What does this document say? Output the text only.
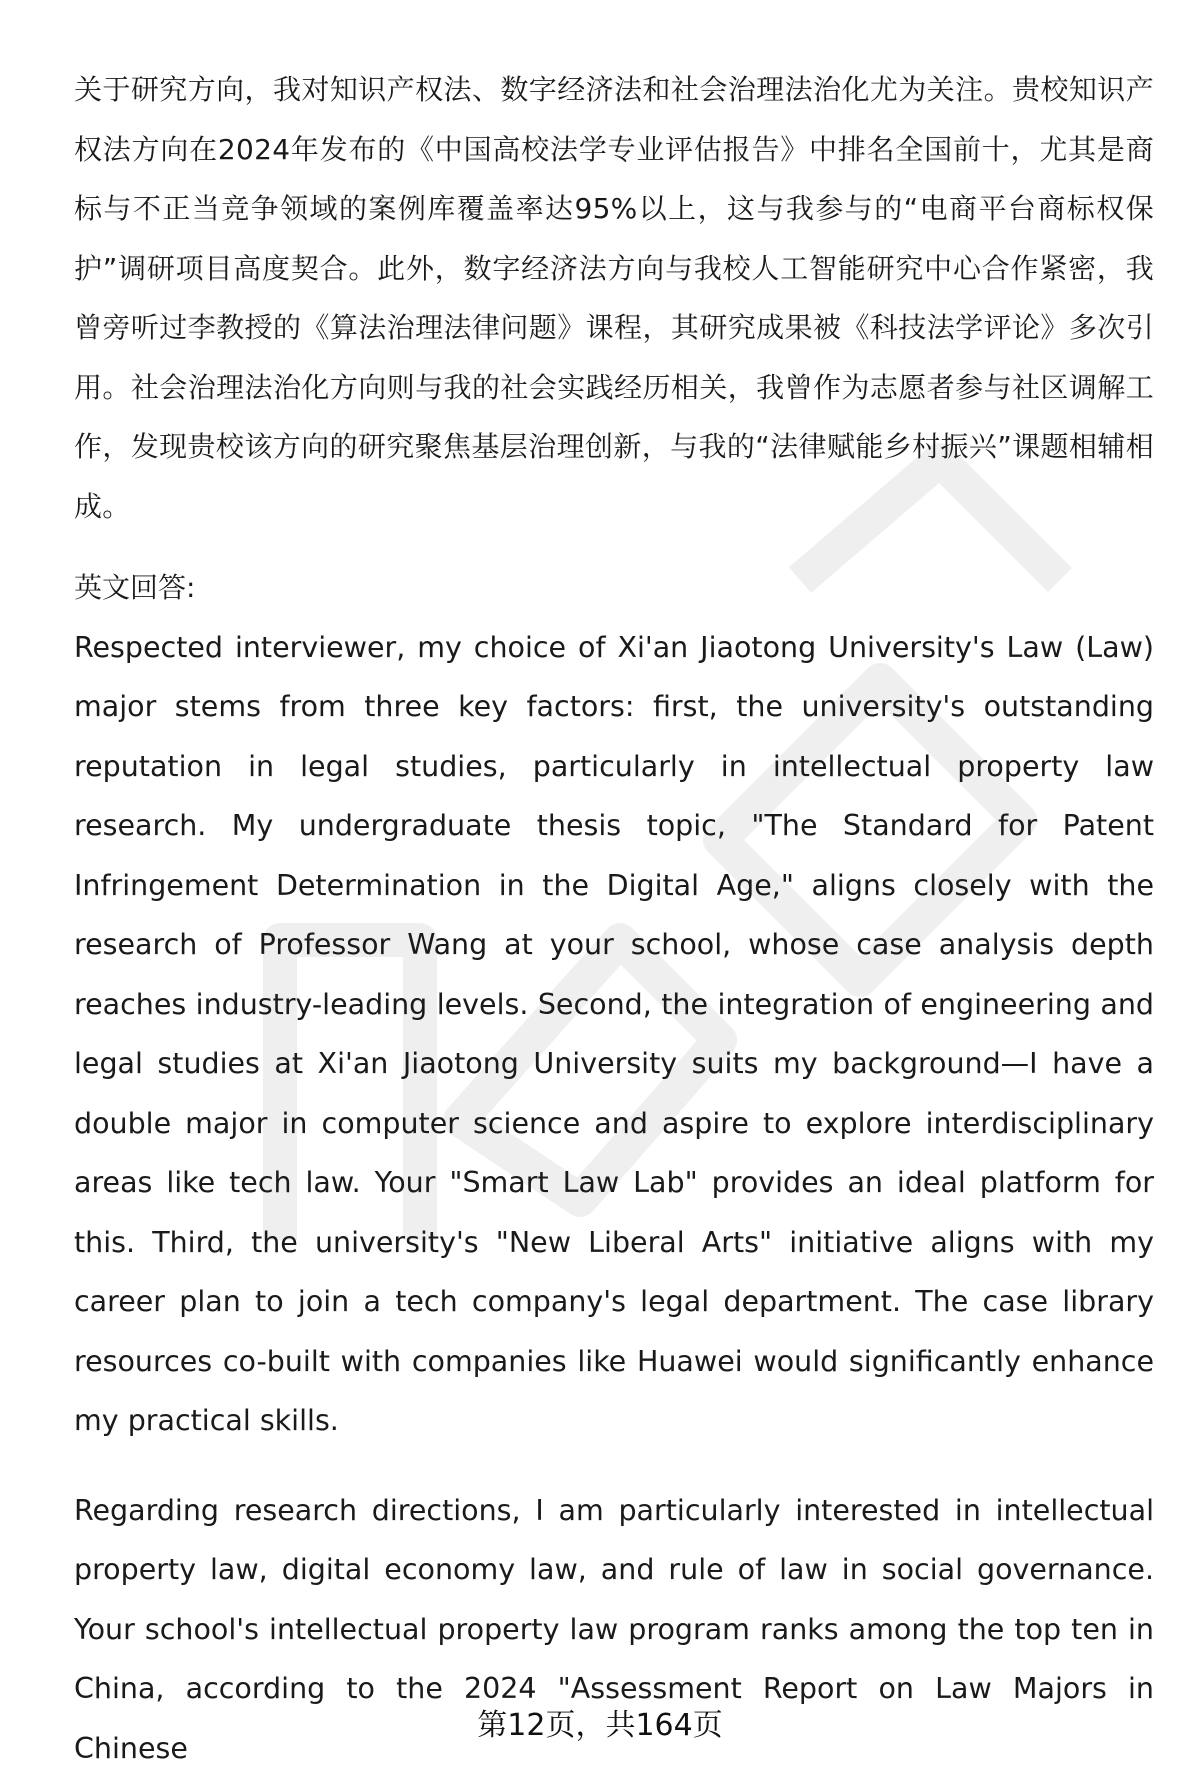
关于研究方向，我对知识产权法、数字经济法和社会治理法治化尤为关注。贵校知识产权法方向在2024年发布的《中国高校法学专业评估报告》中排名全国前十，尤其是商标与不正当竞争领域的案例库覆盖率达95%以上，这与我参与的“电商平台商标权保护”调研项目高度契合。此外，数字经济法方向与我校人工智能研究中心合作紧密，我曾旁听过李教授的《算法治理法律问题》课程，其研究成果被《科技法学评论》多次引用。社会治理法治化方向则与我的社会实践经历相关，我曾作为志愿者参与社区调解工作，发现贵校该方向的研究聚焦基层治理创新，与我的“法律赋能乡村振兴”课题相辅相成。

英文回答:

Respected interviewer, my choice of Xi'an Jiaotong University's Law (Law) major stems from three key factors: first, the university's outstanding reputation in legal studies, particularly in intellectual property law research. My undergraduate thesis topic, "The Standard for Patent Infringement Determination in the Digital Age," aligns closely with the research of Professor Wang at your school, whose case analysis depth reaches industry-leading levels. Second, the integration of engineering and legal studies at Xi'an Jiaotong University suits my background—I have a double major in computer science and aspire to explore interdisciplinary areas like tech law. Your "Smart Law Lab" provides an ideal platform for this. Third, the university's "New Liberal Arts" initiative aligns with my career plan to join a tech company's legal department. The case library resources co-built with companies like Huawei would significantly enhance my practical skills.

Regarding research directions, I am particularly interested in intellectual property law, digital economy law, and rule of law in social governance. Your school's intellectual property law program ranks among the top ten in China, according to the 2024 "Assessment Report on Law Majors in Chinese

第12页，共164页
